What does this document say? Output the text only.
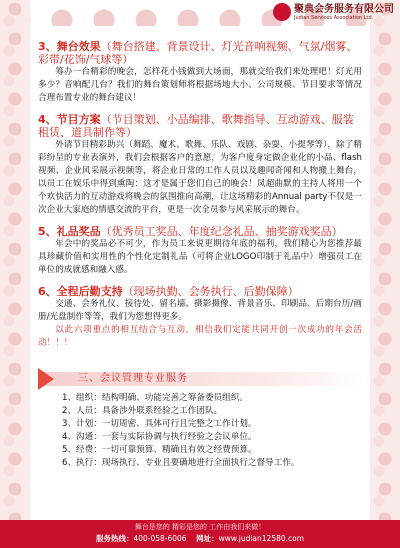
聚典会务服务有限公司
Judian Services Association Ltd.
3、舞台效果（舞台搭建、背景设计、灯光音响视频、气氛/烟雾、彩带/花饰/气球等）

筹办一台精彩的晚会，怎样花小钱做到大场面，那就交给我们来处理吧！灯光用多少？音响配几台？我们的舞台策划师将根据场地大小、公司规模、节目要求等情况合理布置专业的舞台建议！

4、节目方案（节目策划、小品编排、歌舞指导、互动游戏、服装租赁、道具制作等）

外请节目精彩助兴（舞蹈、魔术、歌舞、乐队、戏剧、杂耍、小提琴等），除了精彩纷呈的专业表演外，我们会根据客户的意愿，为客户度身定做企业化的小品、flash视频、企业风采展示视频等，将企业日常的工作人员以及趣闻奇闻和人物搬上舞台，以员工在娱乐中得到熏陶：这才是属于您们自己的晚会！凤超曲默的主持人将用一个个欢快活力的互动游戏将晚会的氛围推向高潮，让这场精彩的Annual party不仅是一次企业大家庭的情感交流的平台，更是一次全员参与风采展示的舞台。

5、礼品奖品（优秀员工奖品、年度纪念礼品、抽奖游戏奖品）

年会中的奖品必不可少，作为员工来说更期待年底的福利，我们精心为您推荐最具珍藏价值和实用性的个性化定制礼品（可将企业LOGO印制于礼品中）增强员工在单位的成就感和融入感。

6、全程后勤支持（现场执勤、会务执行、后勤保障）

交通、会务礼仪、接待处、留名墙、摄影摄像、背景音乐、印刷品、后期台历/画册/光盘制作等等，我们为您想得更多。

以此六项重点的相互结合与互动，相信我们定能共同开创一次成功的年会活动！！！

三、会议管理专业服务
1、组织：结构明确、功能完善之筹备委员组织。
2、人员：具备涉外联系经验之工作团队。
3、计划：一切周密、具体可行且完整之工作计划。
4、沟通：一套与实际协调与执行经验之会议单位。
5、经费：一切可靠预算、精确且有效之经费预算。
6、执行：现场执行、专业且要确地进行全面执行之督导工作。
舞台是您的 精彩是您的 工作由我们来做！
服务热线：400-058-6006 网址：www.judian12580.com
